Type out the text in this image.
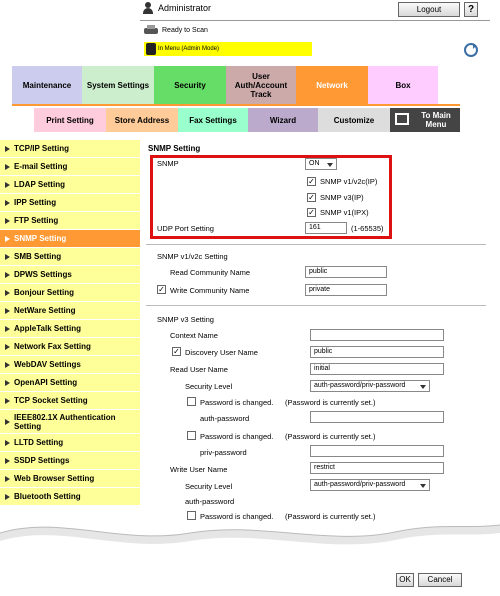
Administrator	Logout	?
Ready to Scan
In Menu (Admin Mode)
Maintenance	System Settings	Security
User Auth/Account Track
Network	Box
Print Setting	Store Address	Fax Settings	Wizard	Customize	To Main Menu
TCP/IP Setting
E-mail Setting
LDAP Setting
IPP Setting
FTP Setting
SNMP Setting
SMB Setting
DPWS Settings
Bonjour Setting
NetWare Setting
AppleTalk Setting
Network Fax Setting
WebDAV Settings
OpenAPI Setting
TCP Socket Setting
IEEE802.1X Authentication Setting
LLTD Setting
SSDP Settings
Web Browser Setting
Bluetooth Setting
SNMP Setting
SNMP	ON
✓ SNMP v1/v2c(IP)
✓ SNMP v3(IP)
✓ SNMP v1(IPX)
UDP Port Setting	161	(1-65535)
SNMP v1/v2c Setting
Read Community Name	public
✓ Write Community Name	private
SNMP v3 Setting
Context Name
✓ Discovery User Name	public
Read User Name	initial
Security Level	auth-password/priv-password
Password is changed. (Password is currently set.)
auth-password
Password is changed. (Password is currently set.)
priv-password
Write User Name	restrict
Security Level	auth-password/priv-password
auth-password
Password is changed. (Password is currently set.)
OK	Cancel
